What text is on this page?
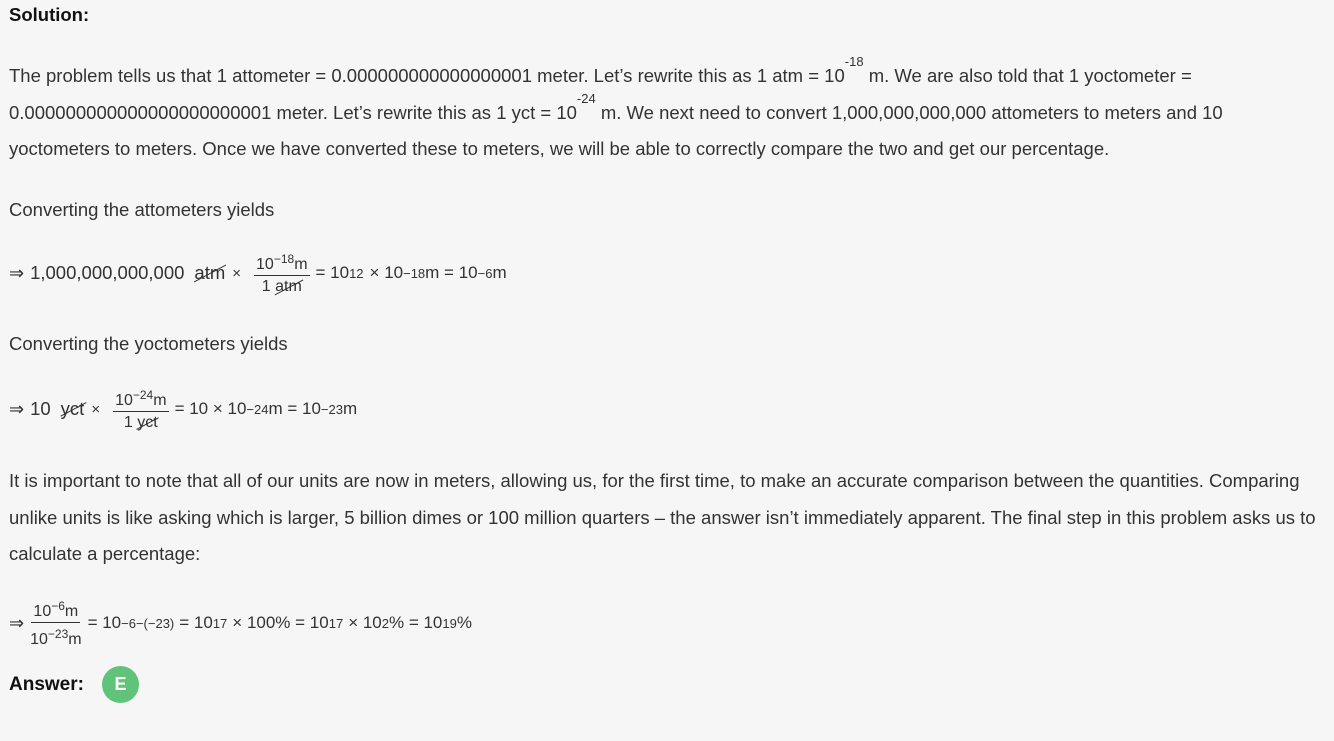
Solution:
The problem tells us that 1 attometer = 0.000000000000000001 meter. Let’s rewrite this as 1 atm = $10^{-18}$ m. We are also told that 1 yoctometer = 0.000000000000000000000001 meter. Let’s rewrite this as 1 yct = $10^{-24}$ m. We next need to convert 1,000,000,000,000 attometers to meters and 10 yoctometers to meters. Once we have converted these to meters, we will be able to correctly compare the two and get our percentage.
Converting the attometers yields
⇒ 1,000,000,000,000 atm × $\frac{10^{-18}m}{\text{1 atm}} = 10$ 12 × 10 −18 m = 10 −6 m
Converting the yoctometers yields
⇒ 10 yct × $\frac{10^{-24}m}{\text{1 yct}} = 10 \times 10 -24$ m = 10 −23 m
It is important to note that all of our units are now in meters, allowing us, for the first time, to make an accurate comparison between the quantities. Comparing unlike units is like asking which is larger, 5 billion dimes or 100 million quarters – the answer isn’t immediately apparent. The final step in this problem asks us to calculate a percentage:
⇒ $\frac{10^{-6}m}{10^{-23}m} = 10 -6-(-23) = 10$ 17 × 100% = 10 17 × 10 2 % = 10 19 %
Answer:	E
